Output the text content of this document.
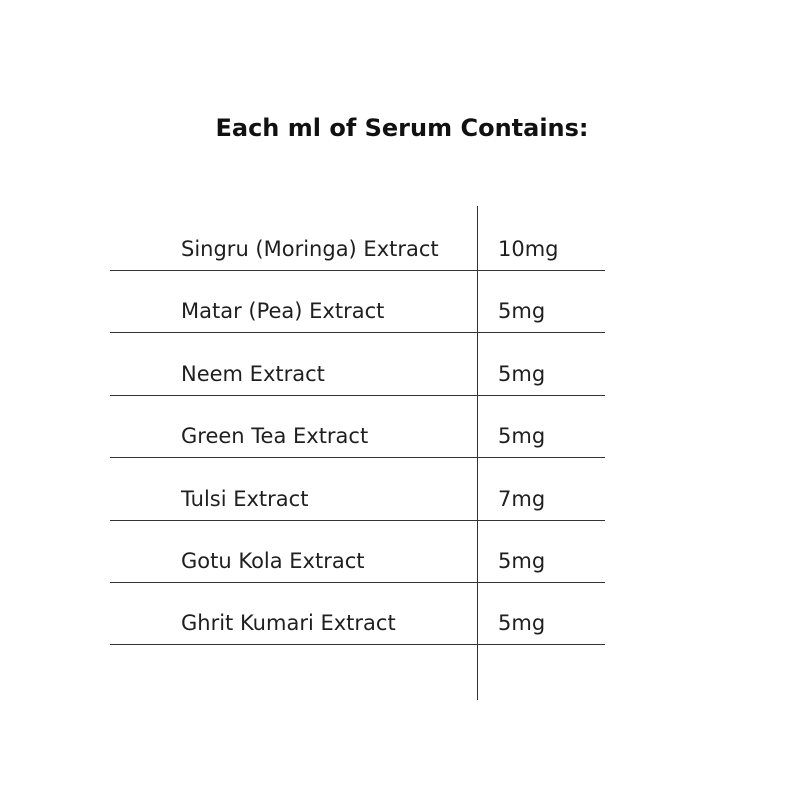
Each ml of Serum Contains:
Singru (Moringa) Extract	10mg
Matar (Pea) Extract	5mg
Neem Extract	5mg
Green Tea Extract	5mg
Tulsi Extract	7mg
Gotu Kola Extract	5mg
Ghrit Kumari Extract	5mg
